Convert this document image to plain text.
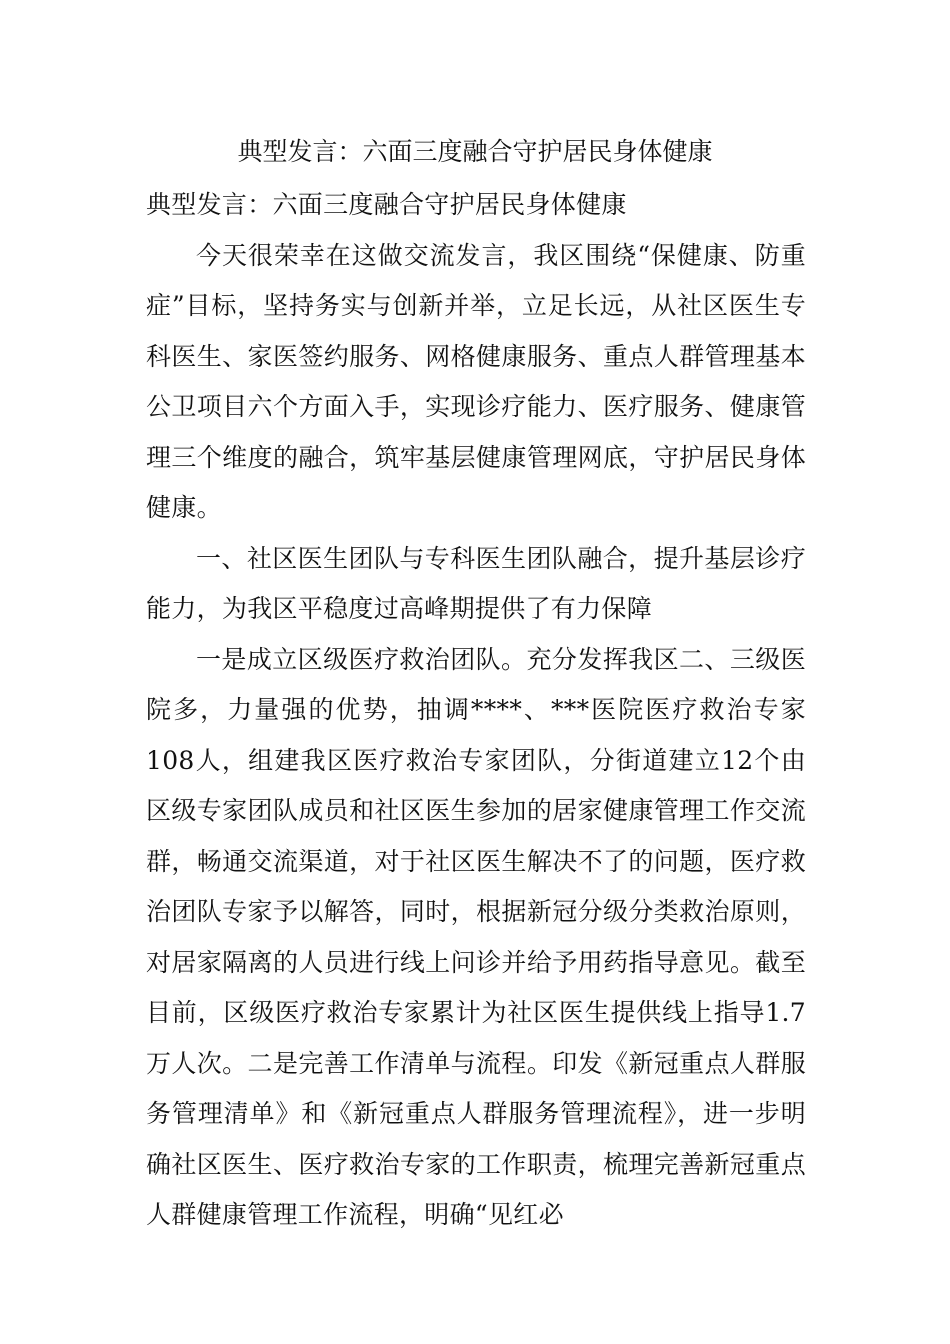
典型发言：六面三度融合守护居民身体健康

典型发言：六面三度融合守护居民身体健康

今天很荣幸在这做交流发言，我区围绕“保健康、防重症”目标，坚持务实与创新并举，立足长远，从社区医生专科医生、家医签约服务、网格健康服务、重点人群管理基本公卫项目六个方面入手，实现诊疗能力、医疗服务、健康管理三个维度的融合，筑牢基层健康管理网底，守护居民身体健康。

一、社区医生团队与专科医生团队融合，提升基层诊疗能力，为我区平稳度过高峰期提供了有力保障

一是成立区级医疗救治团队。充分发挥我区二、三级医院多，力量强的优势，抽调****、***医院医疗救治专家108人，组建我区医疗救治专家团队，分街道建立12个由区级专家团队成员和社区医生参加的居家健康管理工作交流群，畅通交流渠道，对于社区医生解决不了的问题，医疗救治团队专家予以解答，同时，根据新冠分级分类救治原则，对居家隔离的人员进行线上问诊并给予用药指导意见。截至目前，区级医疗救治专家累计为社区医生提供线上指导1.7万人次。二是完善工作清单与流程。印发《新冠重点人群服务管理清单》和《新冠重点人群服务管理流程》，进一步明确社区医生、医疗救治专家的工作职责，梳理完善新冠重点人群健康管理工作流程，明确“见红必
